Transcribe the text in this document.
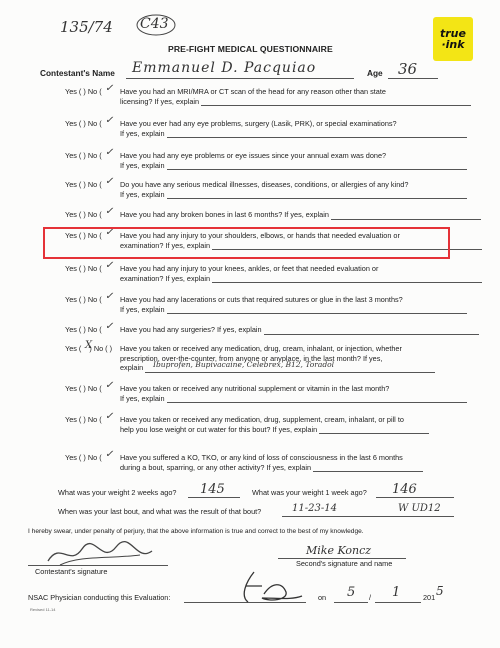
135/74 C43
true
·ink
PRE-FIGHT MEDICAL QUESTIONNAIRE
Contestant's Name Emmanuel D. Pacquiao	Age 36
Yes ( ) No ( ✓ Have you had an MRI/MRA or CT scan of the head for any reason other than state
licensing? If yes, explain
Yes ( ) No ( ✓ Have you ever had any eye problems, surgery (Lasik, PRK), or special examinations?
If yes, explain
Yes ( ) No ( ✓ Have you had any eye problems or eye issues since your annual exam was done?
If yes, explain
Yes ( ) No ( ✓ Do you have any serious medical illnesses, diseases, conditions, or allergies of any kind?
If yes, explain
Yes ( ) No ( ✓ Have you had any broken bones in last 6 months? If yes, explain
Yes ( ) No ( ✓ Have you had any injury to your shoulders, elbows, or hands that needed evaluation or
examination? If yes, explain
Yes ( ) No ( ✓ Have you had any injury to your knees, ankles, or feet that needed evaluation or
examination? If yes, explain
Yes ( ) No ( ✓ Have you had any lacerations or cuts that required sutures or glue in the last 3 months?
If yes, explain
Yes ( ) No ( ✓ Have you had any surgeries? If yes, explain
Yes ( ) No ( )
X	Have you taken or received any medication, drug, cream, inhalant, or injection, whether
prescription, over-the-counter, from anyone or anyplace, in the last month? If yes,
explain	Ibuprofen, Bupivacaine, Celebrex, B12, Toradol
Yes ( ) No ( ✓ Have you taken or received any nutritional supplement or vitamin in the last month?
If yes, explain
Yes ( ) No ( ✓ Have you taken or received any medication, drug, supplement, cream, inhalant, or pill to
help you lose weight or cut water for this bout? If yes, explain
Yes ( ) No ( ✓ Have you suffered a KO, TKO, or any kind of loss of consciousness in the last 6 months
during a bout, sparring, or any other activity? If yes, explain
What was your weight 2 weeks ago? 145	What was your weight 1 week ago? 146
When was your last bout, and what was the result of that bout?	11-23-14	W UD12
I hereby swear, under penalty of perjury, that the above information is true and correct to the best of my knowledge.
Contestant's signature
Mike Koncz
Second's signature and name
NSAC Physician conducting this Evaluation:	on 5 / 1	201 5
Revised 11-14
